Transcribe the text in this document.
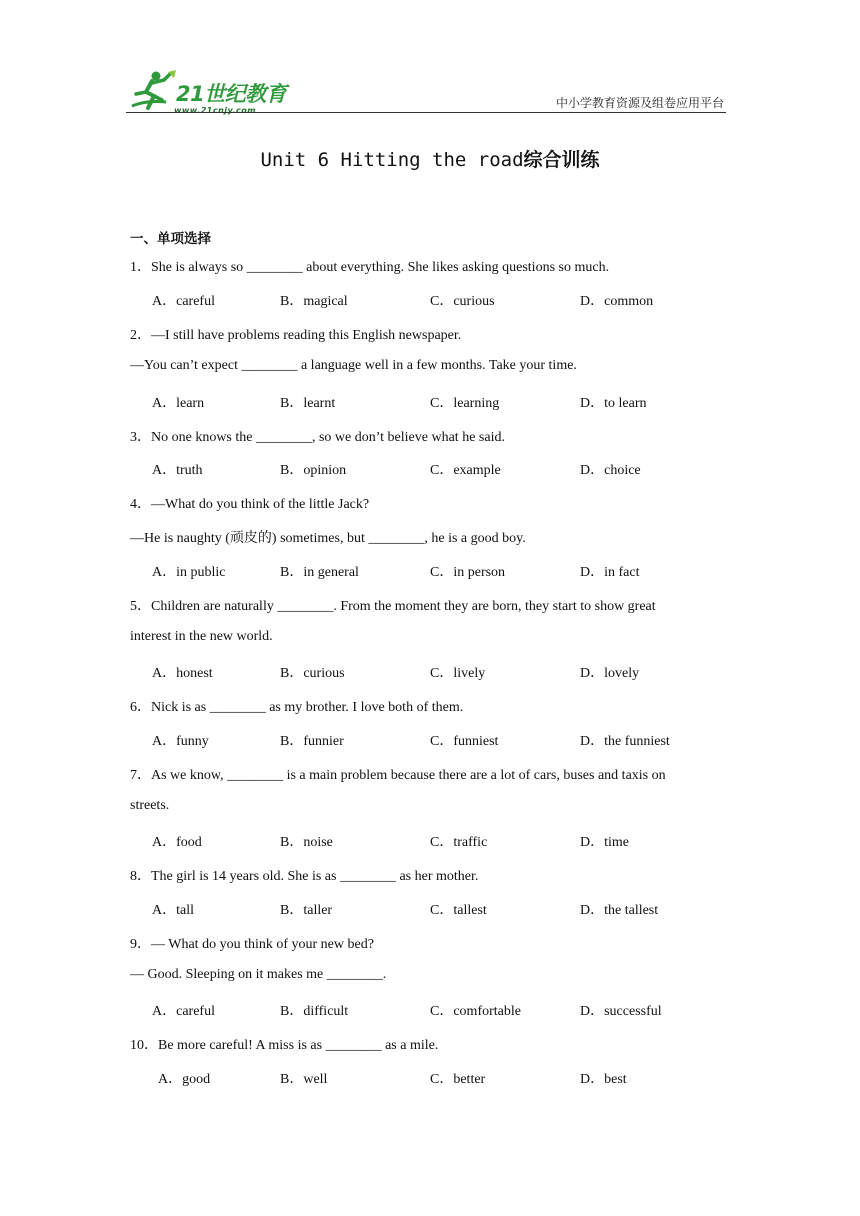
21世纪教育
www.21cnjy.com
中小学教育资源及组卷应用平台
Unit 6 Hitting the road综合训练
一、单项选择
1．She is always so ________ about everything. She likes asking questions so much.
A．careful	B．magical	C．curious	D．common
2．—I still have problems reading this English newspaper.
—You can’t expect ________ a language well in a few months. Take your time.
A．learn	B．learnt	C．learning	D．to learn
3．No one knows the ________, so we don’t believe what he said.
A．truth	B．opinion	C．example	D．choice
4．—What do you think of the little Jack?
—He is naughty (顽皮的) sometimes, but ________, he is a good boy.
A．in public	B．in general	C．in person	D．in fact
5．Children are naturally ________. From the moment they are born, they start to show great
interest in the new world.
A．honest	B．curious	C．lively	D．lovely
6．Nick is as ________ as my brother. I love both of them.
A．funny	B．funnier	C．funniest	D．the funniest
7．As we know, ________ is a main problem because there are a lot of cars, buses and taxis on
streets.
A．food	B．noise	C．traffic	D．time
8．The girl is 14 years old. She is as ________ as her mother.
A．tall	B．taller	C．tallest	D．the tallest
9．— What do you think of your new bed?
— Good. Sleeping on it makes me ________.
A．careful	B．difficult	C．comfortable	D．successful
10．Be more careful! A miss is as ________ as a mile.
A．good	B．well	C．better	D．best
